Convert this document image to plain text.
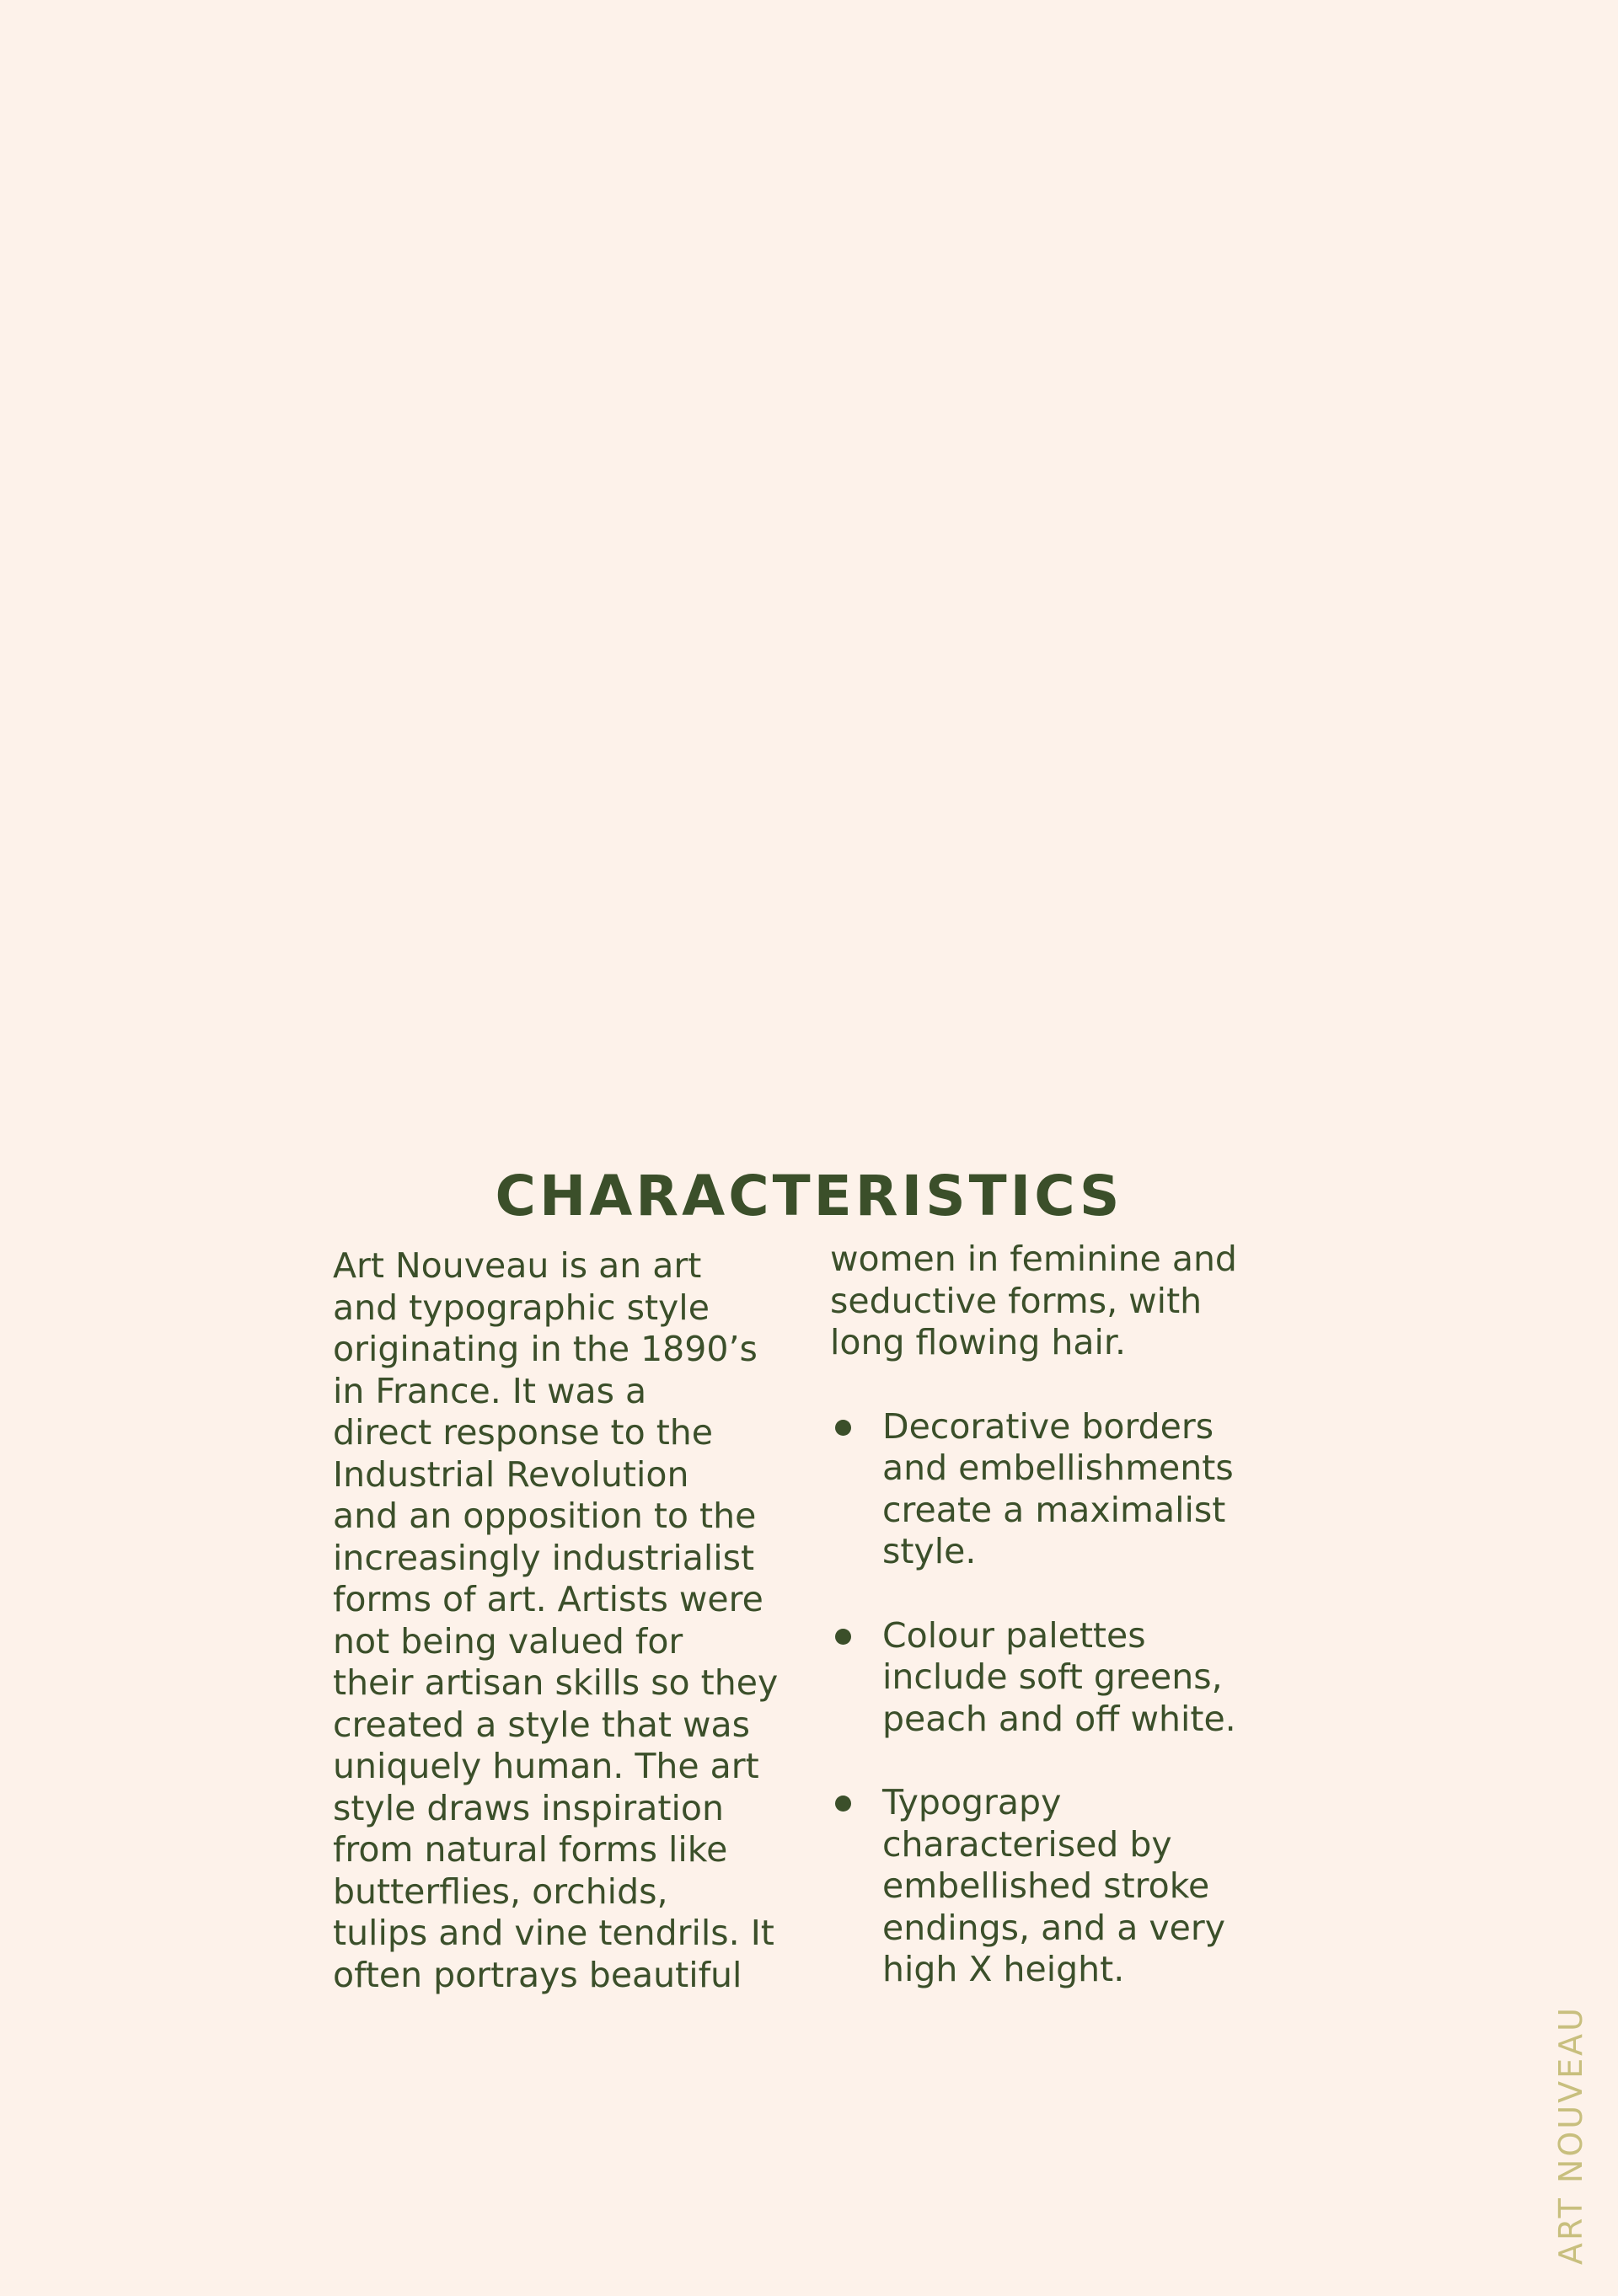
CHARACTERISTICS

Art Nouveau is an art
and typographic style
originating in the 1890’s
in France. It was a
direct response to the
Industrial Revolution
and an opposition to the
increasingly industrialist
forms of art. Artists were
not being valued for
their artisan skills so they
created a style that was
uniquely human. The art
style draws inspiration
from natural forms like
butterflies, orchids,
tulips and vine tendrils. It
often portrays beautiful

women in feminine and
seductive forms, with
long flowing hair.

Decorative borders
and embellishments
create a maximalist
style.
Colour palettes
include soft greens,
peach and off white.
Typograpy
characterised by
embellished stroke
endings, and a very
high X height.
ART NOUVEAU
